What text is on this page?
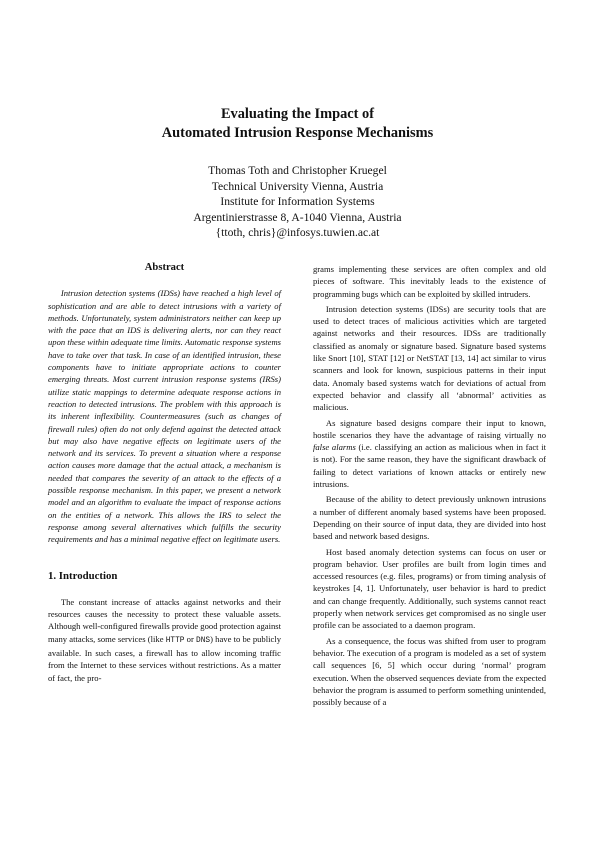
Evaluating the Impact of
Automated Intrusion Response Mechanisms
Thomas Toth and Christopher Kruegel
Technical University Vienna, Austria
Institute for Information Systems
Argentinierstrasse 8, A-1040 Vienna, Austria
{ttoth, chris}@infosys.tuwien.ac.at
Abstract

Intrusion detection systems (IDSs) have reached a high level of sophistication and are able to detect intrusions with a variety of methods. Unfortunately, system administrators neither can keep up with the pace that an IDS is delivering alerts, nor can they react upon these within adequate time limits. Automatic response systems have to take over that task. In case of an identified intrusion, these components have to initiate appropriate actions to counter emerging threats. Most current intrusion response systems (IRSs) utilize static mappings to determine adequate response actions in reaction to detected intrusions. The problem with this approach is its inherent inflexibility. Countermeasures (such as changes of firewall rules) often do not only defend against the detected attack but may also have negative effects on legitimate users of the network and its services. To prevent a situation where a response action causes more damage that the actual attack, a mechanism is needed that compares the severity of an attack to the effects of a possible response mechanism. In this paper, we present a network model and an algorithm to evaluate the impact of response actions on the entities of a network. This allows the IRS to select the response among several alternatives which fulfills the security requirements and has a minimal negative effect on legitimate users.

1. Introduction

The constant increase of attacks against networks and their resources causes the necessity to protect these valuable assets. Although well-configured firewalls provide good protection against many attacks, some services (like HTTP or DNS) have to be publicly available. In such cases, a firewall has to allow incoming traffic from the Internet to these services without restrictions. As a matter of fact, the pro-

grams implementing these services are often complex and old pieces of software. This inevitably leads to the existence of programming bugs which can be exploited by skilled intruders.

Intrusion detection systems (IDSs) are security tools that are used to detect traces of malicious activities which are targeted against networks and their resources. IDSs are traditionally classified as anomaly or signature based. Signature based systems like Snort [10], STAT [12] or NetSTAT [13, 14] act similar to virus scanners and look for known, suspicious patterns in their input data. Anomaly based systems watch for deviations of actual from expected behavior and classify all ‘abnormal’ activities as malicious.

As signature based designs compare their input to known, hostile scenarios they have the advantage of raising virtually no false alarms (i.e. classifying an action as malicious when in fact it is not). For the same reason, they have the significant drawback of failing to detect variations of known attacks or entirely new intrusions.

Because of the ability to detect previously unknown intrusions a number of different anomaly based systems have been proposed. Depending on their source of input data, they are divided into host based and network based designs.

Host based anomaly detection systems can focus on user or program behavior. User profiles are built from login times and accessed resources (e.g. files, programs) or from timing analysis of keystrokes [4, 1]. Unfortunately, user behavior is hard to predict and can change frequently. Additionally, such systems cannot react properly when network services get compromised as no single user profile can be associated to a daemon program.

As a consequence, the focus was shifted from user to program behavior. The execution of a program is modeled as a set of system call sequences [6, 5] which occur during ‘normal’ program execution. When the observed sequences deviate from the expected behavior the program is assumed to perform something unintended, possibly because of a
